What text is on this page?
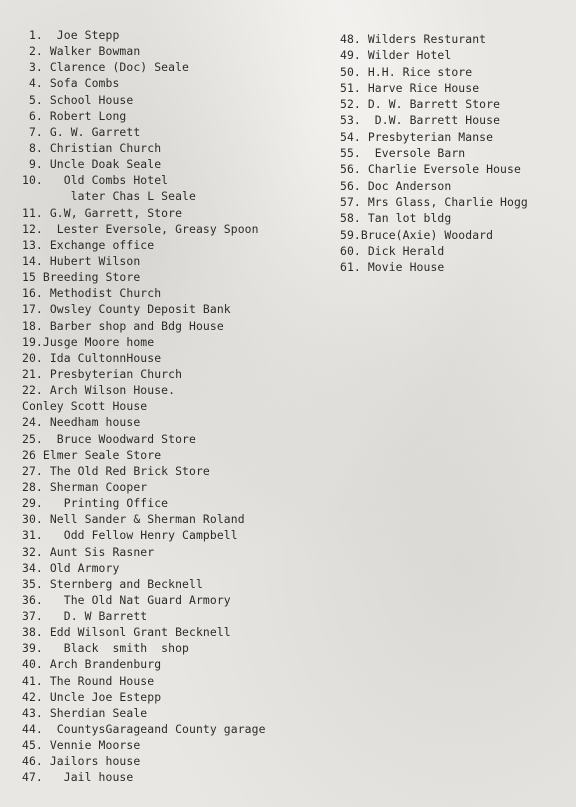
1.  Joe Stepp
2. Walker Bowman
3. Clarence (Doc) Seale
4. Sofa Combs
5. School House
6. Robert Long
7. G. W. Garrett
8. Christian Church
9. Uncle Doak Seale
10.   Old Combs Hotel
later Chas L Seale
11. G.W, Garrett, Store
12.  Lester Eversole, Greasy Spoon
13. Exchange office
14. Hubert Wilson
15 Breeding Store
16. Methodist Church
17. Owsley County Deposit Bank
18. Barber shop and Bdg House
19.Jusge Moore home
20. Ida CultonnHouse
21. Presbyterian Church
22. Arch Wilson House.
Conley Scott House
24. Needham house
25.  Bruce Woodward Store
26 Elmer Seale Store
27. The Old Red Brick Store
28. Sherman Cooper
29.   Printing Office
30. Nell Sander & Sherman Roland
31.   Odd Fellow Henry Campbell
32. Aunt Sis Rasner
34. Old Armory
35. Sternberg and Becknell
36.   The Old Nat Guard Armory
37.   D. W Barrett
38. Edd Wilsonl Grant Becknell
39.   Black  smith  shop
40. Arch Brandenburg
41. The Round House
42. Uncle Joe Estepp
43. Sherdian Seale
44.  CountysGarageand County garage
45. Vennie Moorse
46. Jailors house
47.   Jail house
48. Wilders Resturant
49. Wilder Hotel
50. H.H. Rice store
51. Harve Rice House
52. D. W. Barrett Store
53.  D.W. Barrett House
54. Presbyterian Manse
55.  Eversole Barn
56. Charlie Eversole House
56. Doc Anderson
57. Mrs Glass, Charlie Hogg
58. Tan lot bldg
59.Bruce(Axie) Woodard
60. Dick Herald
61. Movie House
